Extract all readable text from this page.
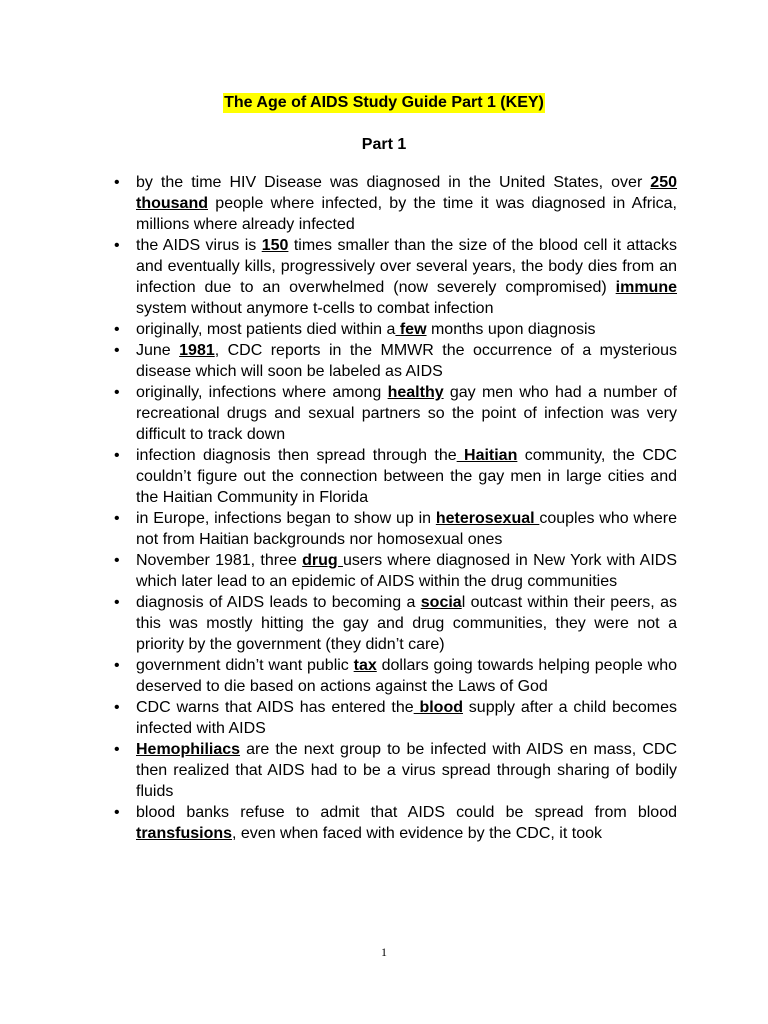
The Age of AIDS Study Guide Part 1 (KEY)
Part 1
• by the time HIV Disease was diagnosed in the United States, over 250 thousand people where infected, by the time it was diagnosed in Africa, millions where already infected
• the AIDS virus is 150 times smaller than the size of the blood cell it attacks and eventually kills, progressively over several years, the body dies from an infection due to an overwhelmed (now severely compromised) immune system without anymore t-cells to combat infection
• originally, most patients died within a few months upon diagnosis
• June 1981, CDC reports in the MMWR the occurrence of a mysterious disease which will soon be labeled as AIDS
• originally, infections where among healthy gay men who had a number of recreational drugs and sexual partners so the point of infection was very difficult to track down
• infection diagnosis then spread through the Haitian community, the CDC couldn’t figure out the connection between the gay men in large cities and the Haitian Community in Florida
• in Europe, infections began to show up in heterosexual couples who where not from Haitian backgrounds nor homosexual ones
• November 1981, three drug users where diagnosed in New York with AIDS which later lead to an epidemic of AIDS within the drug communities
• diagnosis of AIDS leads to becoming a social outcast within their peers, as this was mostly hitting the gay and drug communities, they were not a priority by the government (they didn’t care)
• government didn’t want public tax dollars going towards helping people who deserved to die based on actions against the Laws of God
• CDC warns that AIDS has entered the blood supply after a child becomes infected with AIDS
• Hemophiliacs are the next group to be infected with AIDS en mass, CDC then realized that AIDS had to be a virus spread through sharing of bodily fluids
• blood banks refuse to admit that AIDS could be spread from blood transfusions, even when faced with evidence by the CDC, it took
1
